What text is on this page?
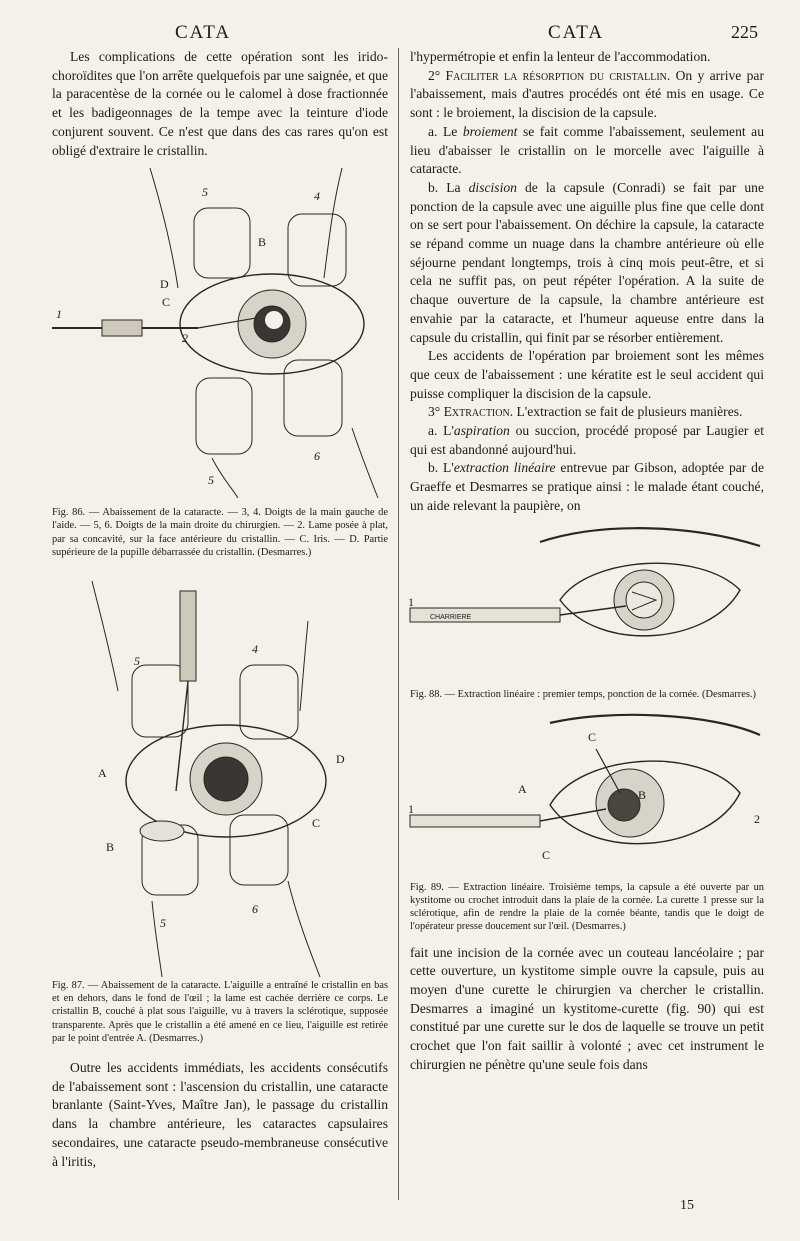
CATA	CATA	225

Les complications de cette opération sont les irido-choroïdites que l'on arrête quelquefois par une saignée, et que la paracentèse de la cornée ou le calomel à dose fractionnée et les badigeonnages de la tempe avec la teinture d'iode conjurent souvent. Ce n'est que dans des cas rares qu'on est obligé d'extraire le cristallin.

5	4
B
D
C
1
2
6
5

Fig. 86. — Abaissement de la cataracte. — 3, 4. Doigts de la main gauche de l'aide. — 5, 6. Doigts de la main droite du chirurgien. — 2. Lame posée à plat, par sa concavité, sur la face antérieure du cristallin. — C. Iris. — D. Partie supérieure de la pupille débarrassée du cristallin. (Desmarres.)

5
4
A
D
C
B
6
5

Fig. 87. — Abaissement de la cataracte. L'aiguille a entraîné le cristallin en bas et en dehors, dans le fond de l'œil ; la lame est cachée derrière ce corps. Le cristallin B, couché à plat sous l'aiguille, vu à travers la sclérotique, supposée transparente. Après que le cristallin a été amené en ce lieu, l'aiguille est retirée par le point d'entrée A. (Desmarres.)

Outre les accidents immédiats, les accidents consécutifs de l'abaissement sont : l'ascension du cristallin, une cataracte branlante (Saint-Yves, Maître Jan), le passage du cristallin dans la chambre antérieure, les cataractes capsulaires secondaires, une cataracte pseudo-membraneuse consécutive à l'iritis,

l'hypermétropie et enfin la lenteur de l'accommodation.

2° Faciliter la résorption du cristallin. On y arrive par l'abaissement, mais d'autres procédés ont été mis en usage. Ce sont : le broiement, la discision de la capsule.

a. Le broiement se fait comme l'abaissement, seulement au lieu d'abaisser le cristallin on le morcelle avec l'aiguille à cataracte.

b. La discision de la capsule (Conradi) se fait par une ponction de la capsule avec une aiguille plus fine que celle dont on se sert pour l'abaissement. On déchire la capsule, la cataracte se répand comme un nuage dans la chambre antérieure où elle séjourne pendant longtemps, trois à cinq mois peut-être, et si cela ne suffit pas, on peut répéter l'opération. A la suite de chaque ouverture de la capsule, la chambre antérieure est envahie par la cataracte, et l'humeur aqueuse entre dans la capsule du cristallin, qui finit par se résorber entièrement.

Les accidents de l'opération par broiement sont les mêmes que ceux de l'abaissement : une kératite est le seul accident qui puisse compliquer la discision de la capsule.

3° Extraction. L'extraction se fait de plusieurs manières.

a. L'aspiration ou succion, procédé proposé par Laugier et qui est abandonné aujourd'hui.

b. L'extraction linéaire entrevue par Gibson, adoptée par de Graeffe et Desmarres se pratique ainsi : le malade étant couché, un aide relevant la paupière, on

1
CHARRIERE

Fig. 88. — Extraction linéaire : premier temps, ponction de la cornée. (Desmarres.)

C
A	B
1
2
C

Fig. 89. — Extraction linéaire. Troisième temps, la capsule a été ouverte par un kystitome ou crochet introduit dans la plaie de la cornée. La curette 1 presse sur la sclérotique, afin de rendre la plaie de la cornée béante, tandis que le doigt de l'opérateur presse doucement sur l'œil. (Desmarres.)

fait une incision de la cornée avec un couteau lancéolaire ; par cette ouverture, un kystitome simple ouvre la capsule, puis au moyen d'une curette le chirurgien va chercher le cristallin. Desmarres a imaginé un kystitome-curette (fig. 90) qui est constitué par une curette sur le dos de laquelle se trouve un petit crochet que l'on fait saillir à volonté ; avec cet instrument le chirurgien ne pénètre qu'une seule fois dans

15
